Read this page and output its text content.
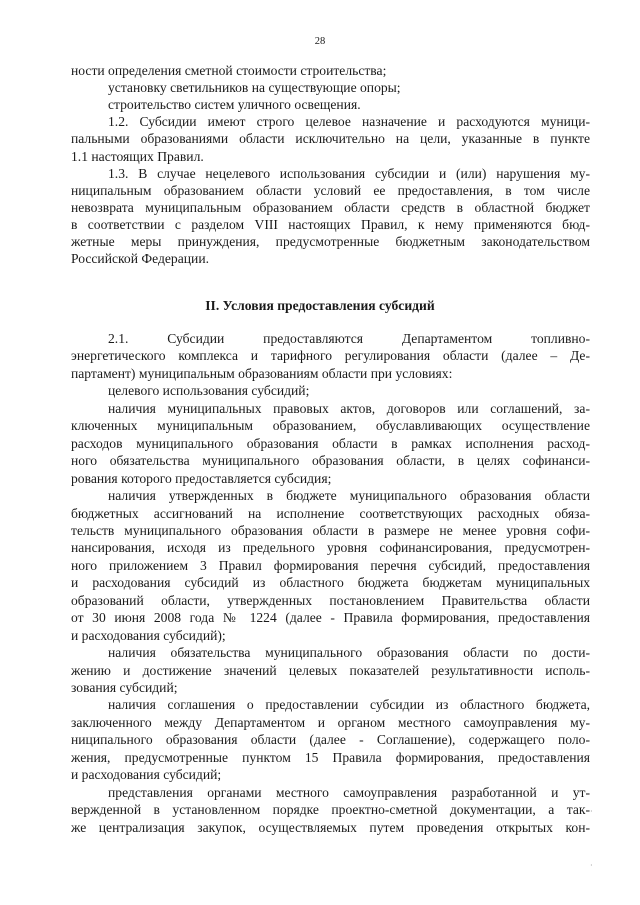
28
ности определения сметной стоимости строительства;
установку светильников на существующие опоры;
строительство систем уличного освещения.
1.2. Субсидии имеют строго целевое назначение и расходуются муници-
пальными образованиями области исключительно на цели, указанные в пункте
1.1 настоящих Правил.
1.3. В случае нецелевого использования субсидии и (или) нарушения му-
ниципальным образованием области условий ее предоставления, в том числе
невозврата муниципальным образованием области средств в областной бюджет
в соответствии с разделом VIII настоящих Правил, к нему применяются бюд-
жетные меры принуждения, предусмотренные бюджетным законодательством
Российской Федерации.
II. Условия предоставления субсидий
2.1. Субсидии предоставляются Департаментом топливно-
энергетического комплекса и тарифного регулирования области (далее – Де-
партамент) муниципальным образованиям области при условиях:
целевого использования субсидий;
наличия муниципальных правовых актов, договоров или соглашений, за-
ключенных муниципальным образованием, обуславливающих осуществление
расходов муниципального образования области в рамках исполнения расход-
ного обязательства муниципального образования области, в целях софинанси-
рования которого предоставляется субсидия;
наличия утвержденных в бюджете муниципального образования области
бюджетных ассигнований на исполнение соответствующих расходных обяза-
тельств муниципального образования области в размере не менее уровня софи-
нансирования, исходя из предельного уровня софинансирования, предусмотрен-
ного приложением 3 Правил формирования перечня субсидий, предоставления
и расходования субсидий из областного бюджета бюджетам муниципальных
образований области, утвержденных постановлением Правительства области
от 30 июня 2008 года № 1224 (далее - Правила формирования, предоставления
и расходования субсидий);
наличия обязательства муниципального образования области по дости-
жению и достижение значений целевых показателей результативности исполь-
зования субсидий;
наличия соглашения о предоставлении субсидии из областного бюджета,
заключенного между Департаментом и органом местного самоуправления му-
ниципального образования области (далее - Соглашение), содержащего поло-
жения, предусмотренные пунктом 15 Правила формирования, предоставления
и расходования субсидий;
представления органами местного самоуправления разработанной и ут-
вержденной в установленном порядке проектно-сметной документации, а так-
же централизация закупок, осуществляемых путем проведения открытых кон-
·
·
